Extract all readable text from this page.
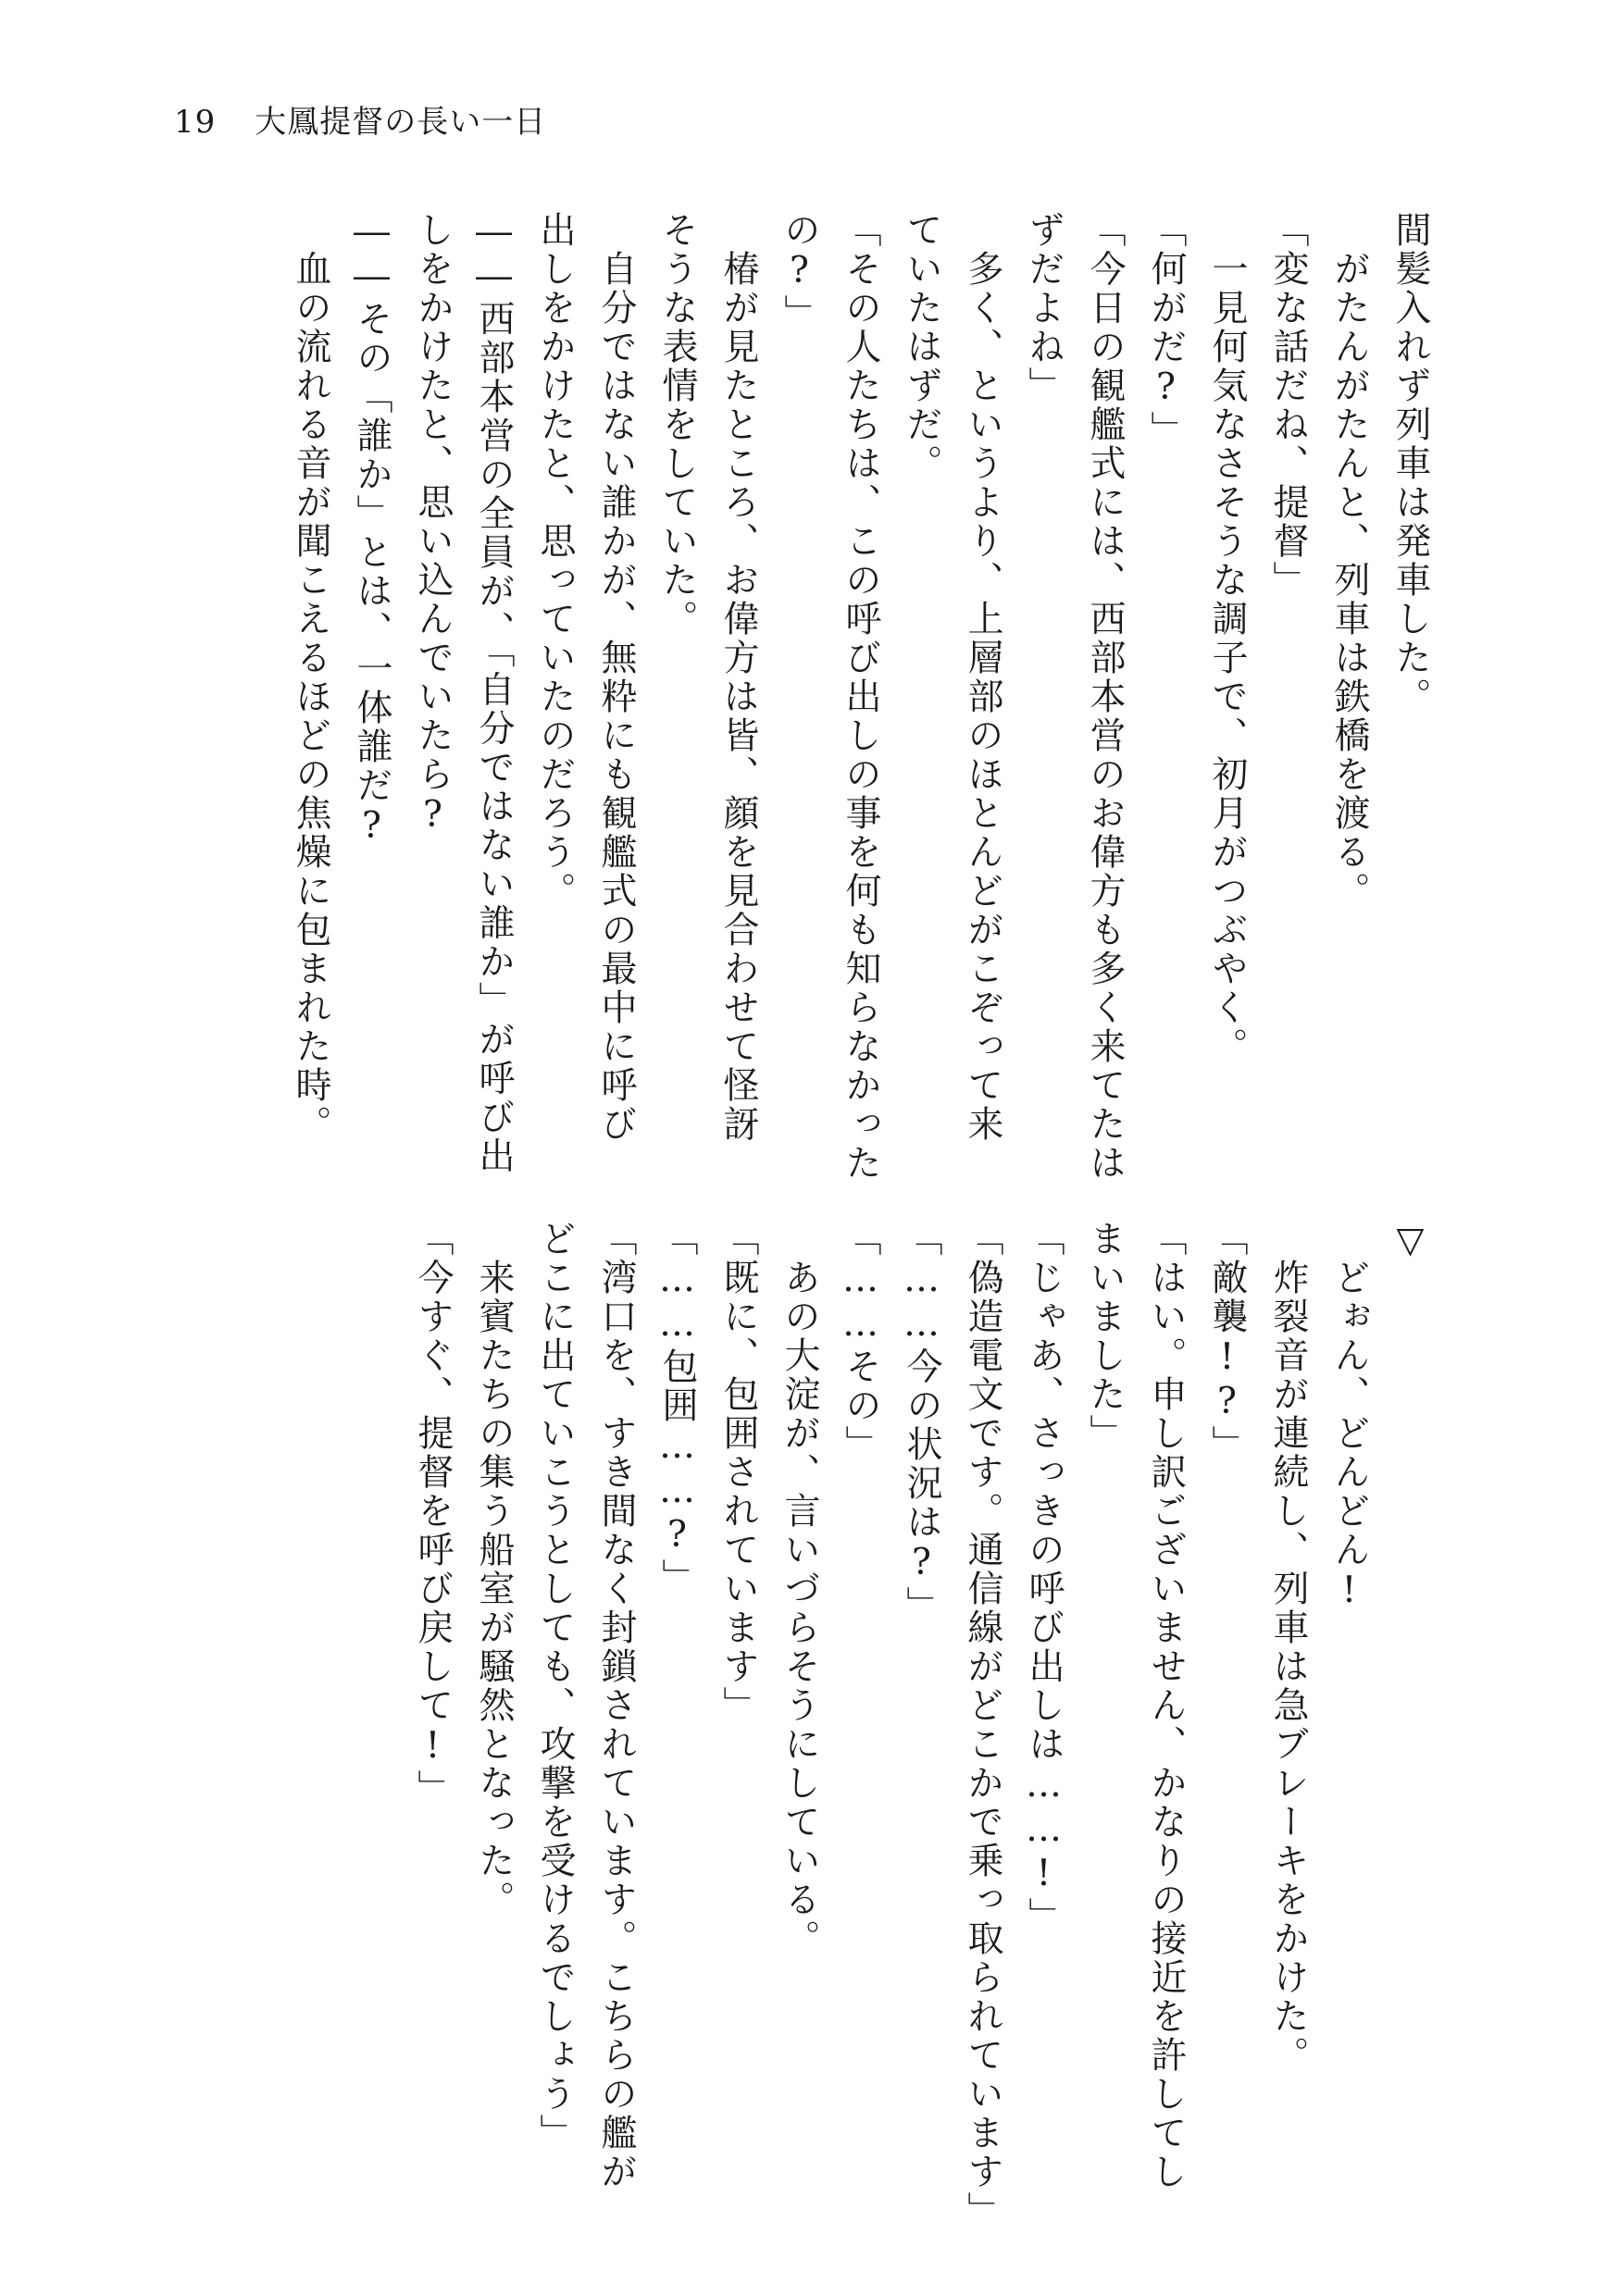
19 大鳳提督の長い一日

間髪入れず列車は発車した。

がたんがたんと、列車は鉄橋を渡る。

「変な話だね、提督」

一見何気なさそうな調子で、初月がつぶやく。

「何がだ?」

「今日の観艦式には、西部本営のお偉方も多く来てたは

ずだよね」

多く、というより、上層部のほとんどがこぞって来

ていたはずだ。

「その人たちは、この呼び出しの事を何も知らなかった

の?」

椿が見たところ、お偉方は皆、顔を見合わせて怪訝

そうな表情をしていた。

自分ではない誰かが、無粋にも観艦式の最中に呼び

出しをかけたと、思っていたのだろう。

――西部本営の全員が、「自分ではない誰か」が呼び出

しをかけたと、思い込んでいたら?

――その「誰か」とは、一体誰だ?

血の流れる音が聞こえるほどの焦燥に包まれた時。

▽

どぉん、どんどん!

炸裂音が連続し、列車は急ブレーキをかけた。

「敵襲!?」

「はい。申し訳ございません、かなりの接近を許してし

まいました」

「じゃあ、さっきの呼び出しは……!」

「偽造電文です。通信線がどこかで乗っ取られています」

「……今の状況は?」

「……その」

あの大淀が、言いづらそうにしている。

「既に、包囲されています」

「……包囲……?」

「湾口を、すき間なく封鎖されています。こちらの艦が

どこに出ていこうとしても、攻撃を受けるでしょう」

来賓たちの集う船室が騒然となった。

「今すぐ、提督を呼び戻して!」
